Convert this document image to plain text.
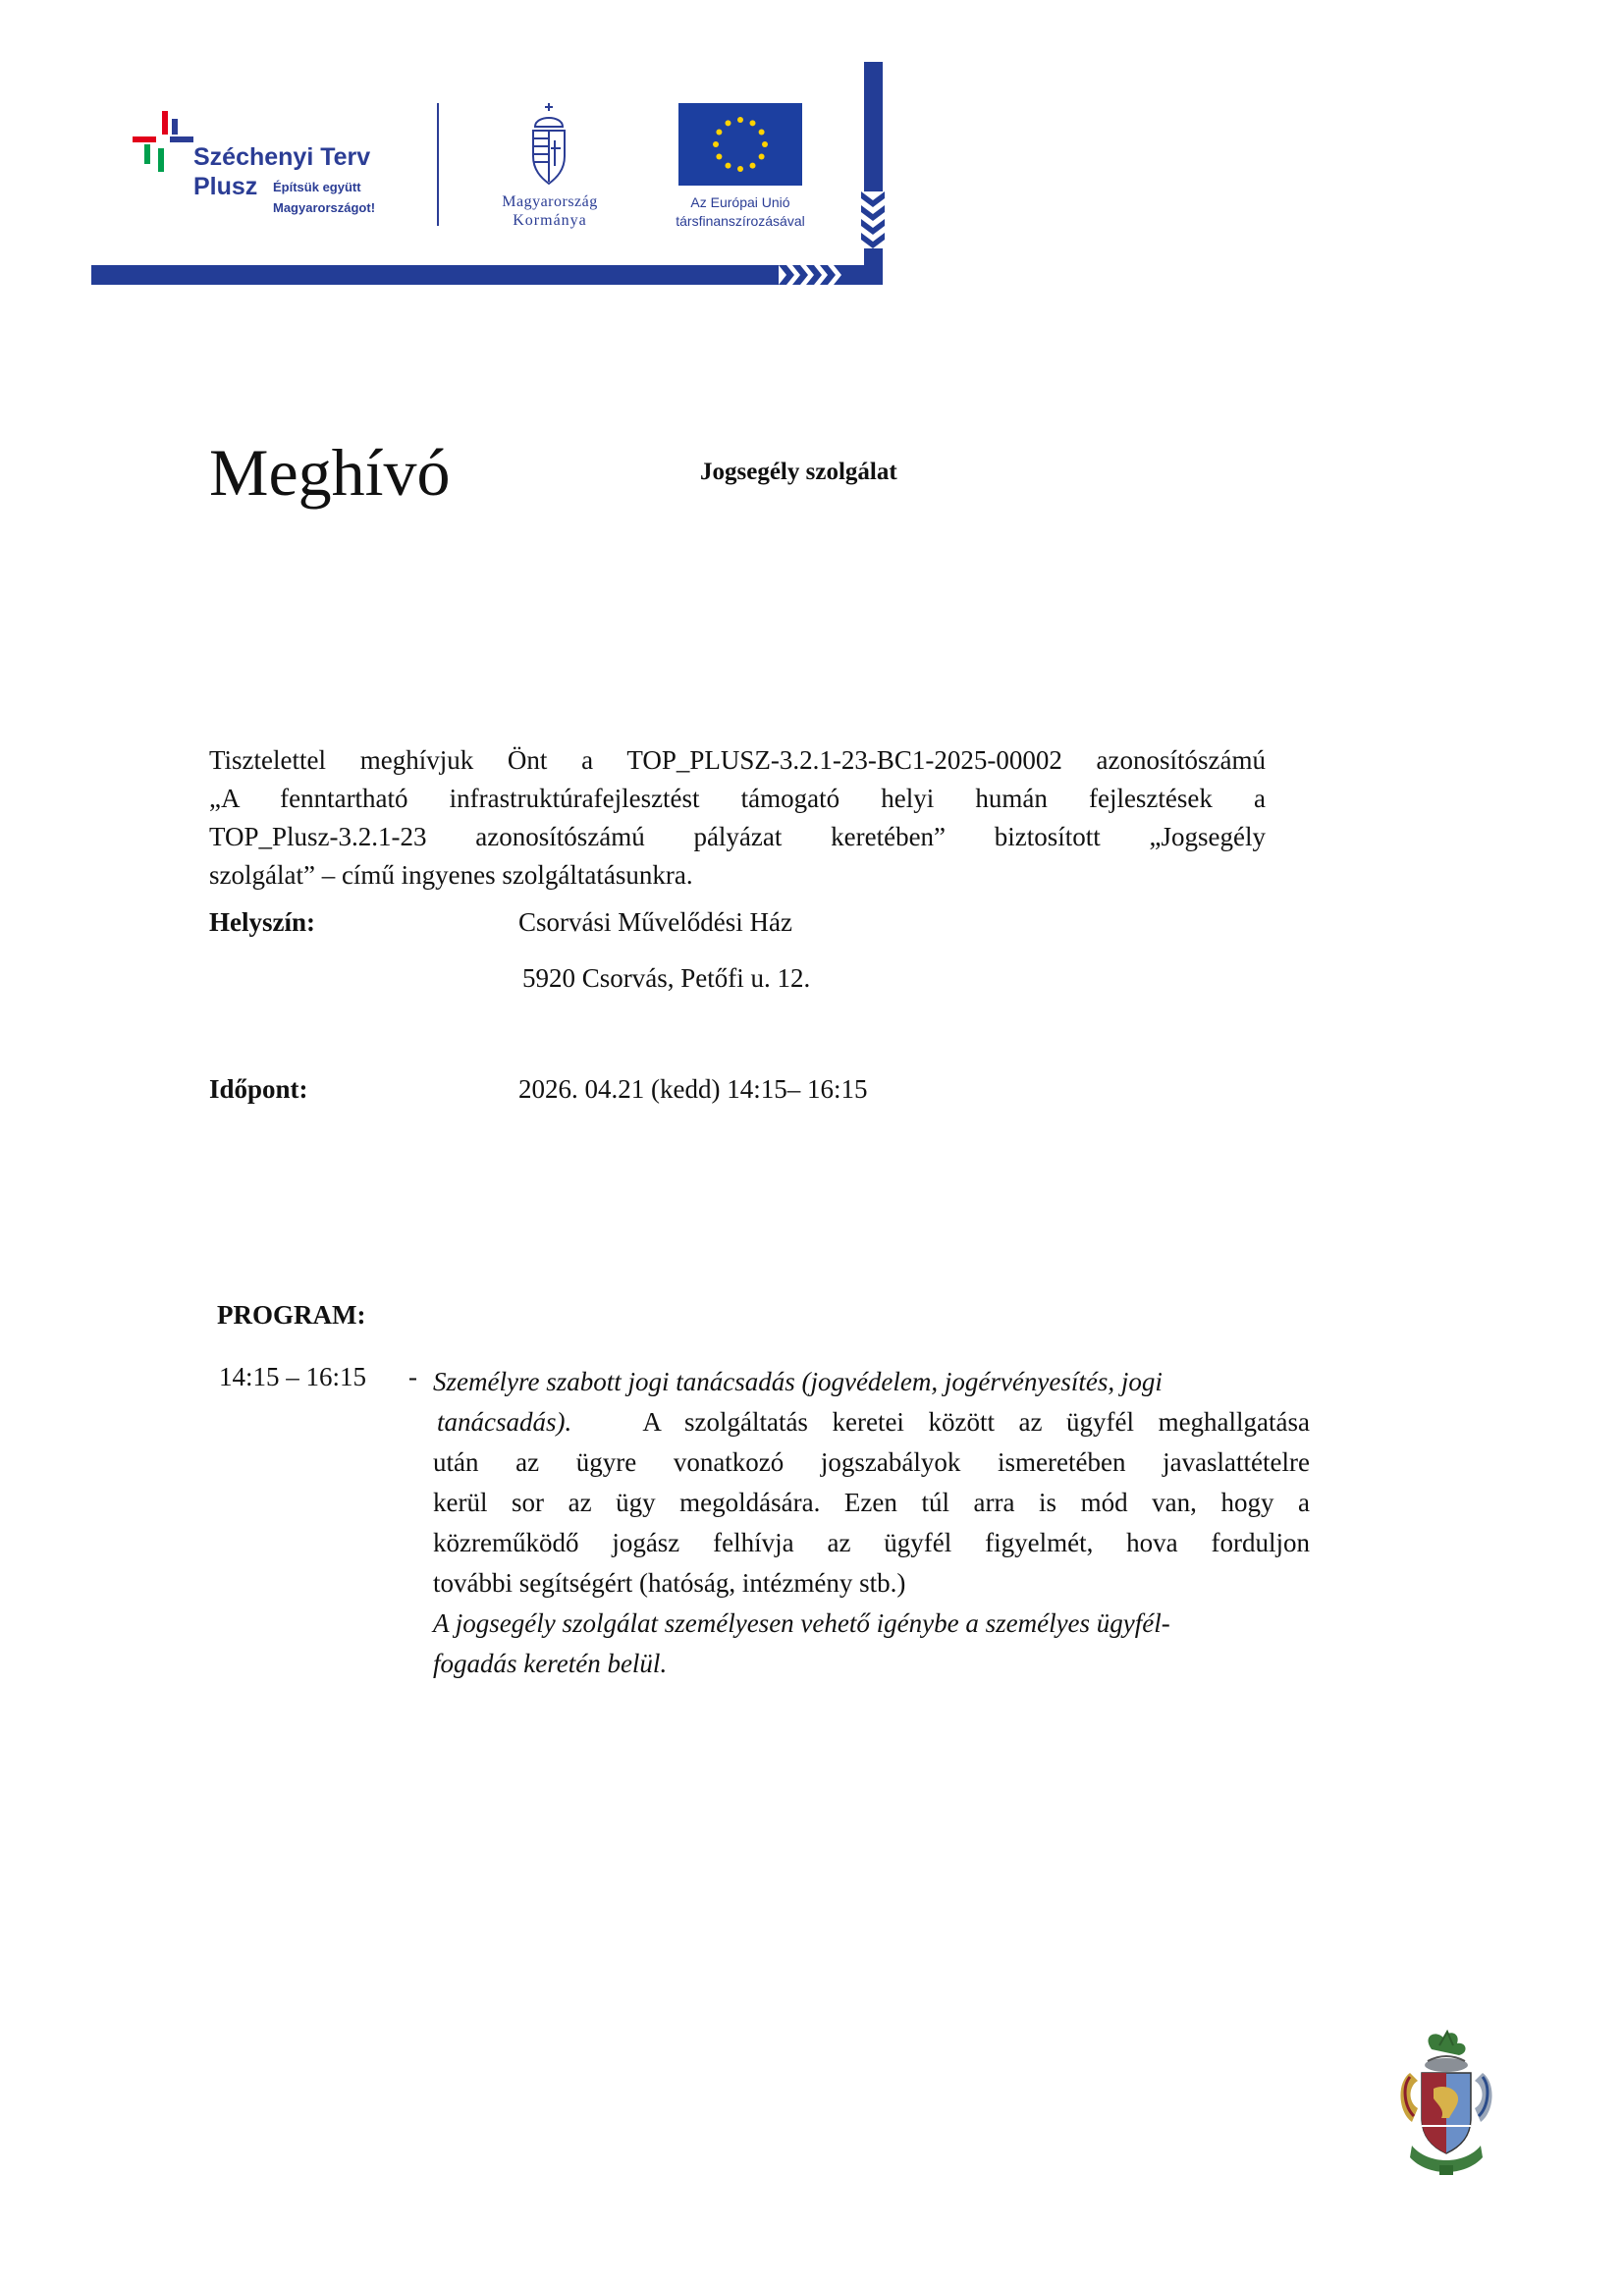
Széchenyi Terv
Plusz Építsük együtt
Magyarországot!	Magyarország
Kormánya
Az Európai Unió
társfinanszírozásával
Meghívó	Jogsegély szolgálat
Tisztelettel meghívjuk Önt a TOP_PLUSZ-3.2.1-23-BC1-2025-00002 azonosítószámú
„A fenntartható infrastruktúrafejlesztést támogató helyi humán fejlesztések a
TOP_Plusz-3.2.1-23 azonosítószámú pályázat keretében” biztosított „Jogsegély
szolgálat” – című ingyenes szolgáltatásunkra.
Helyszín:	Csorvási Művelődési Ház
5920 Csorvás, Petőfi u. 12.
Időpont:	2026. 04.21 (kedd) 14:15– 16:15
PROGRAM:
14:15 – 16:15 - Személyre szabott jogi tanácsadás (jogvédelem, jogérvényesítés, jogi
tanácsadás).	A szolgáltatás keretei között az ügyfél meghallgatása
után az ügyre vonatkozó jogszabályok ismeretében javaslattételre
kerül sor az ügy megoldására. Ezen túl arra is mód van, hogy a
közreműködő jogász felhívja az ügyfél figyelmét, hova forduljon
további segítségért (hatóság, intézmény stb.)
A jogsegély szolgálat személyesen vehető igénybe a személyes ügyfél-
fogadás keretén belül.
